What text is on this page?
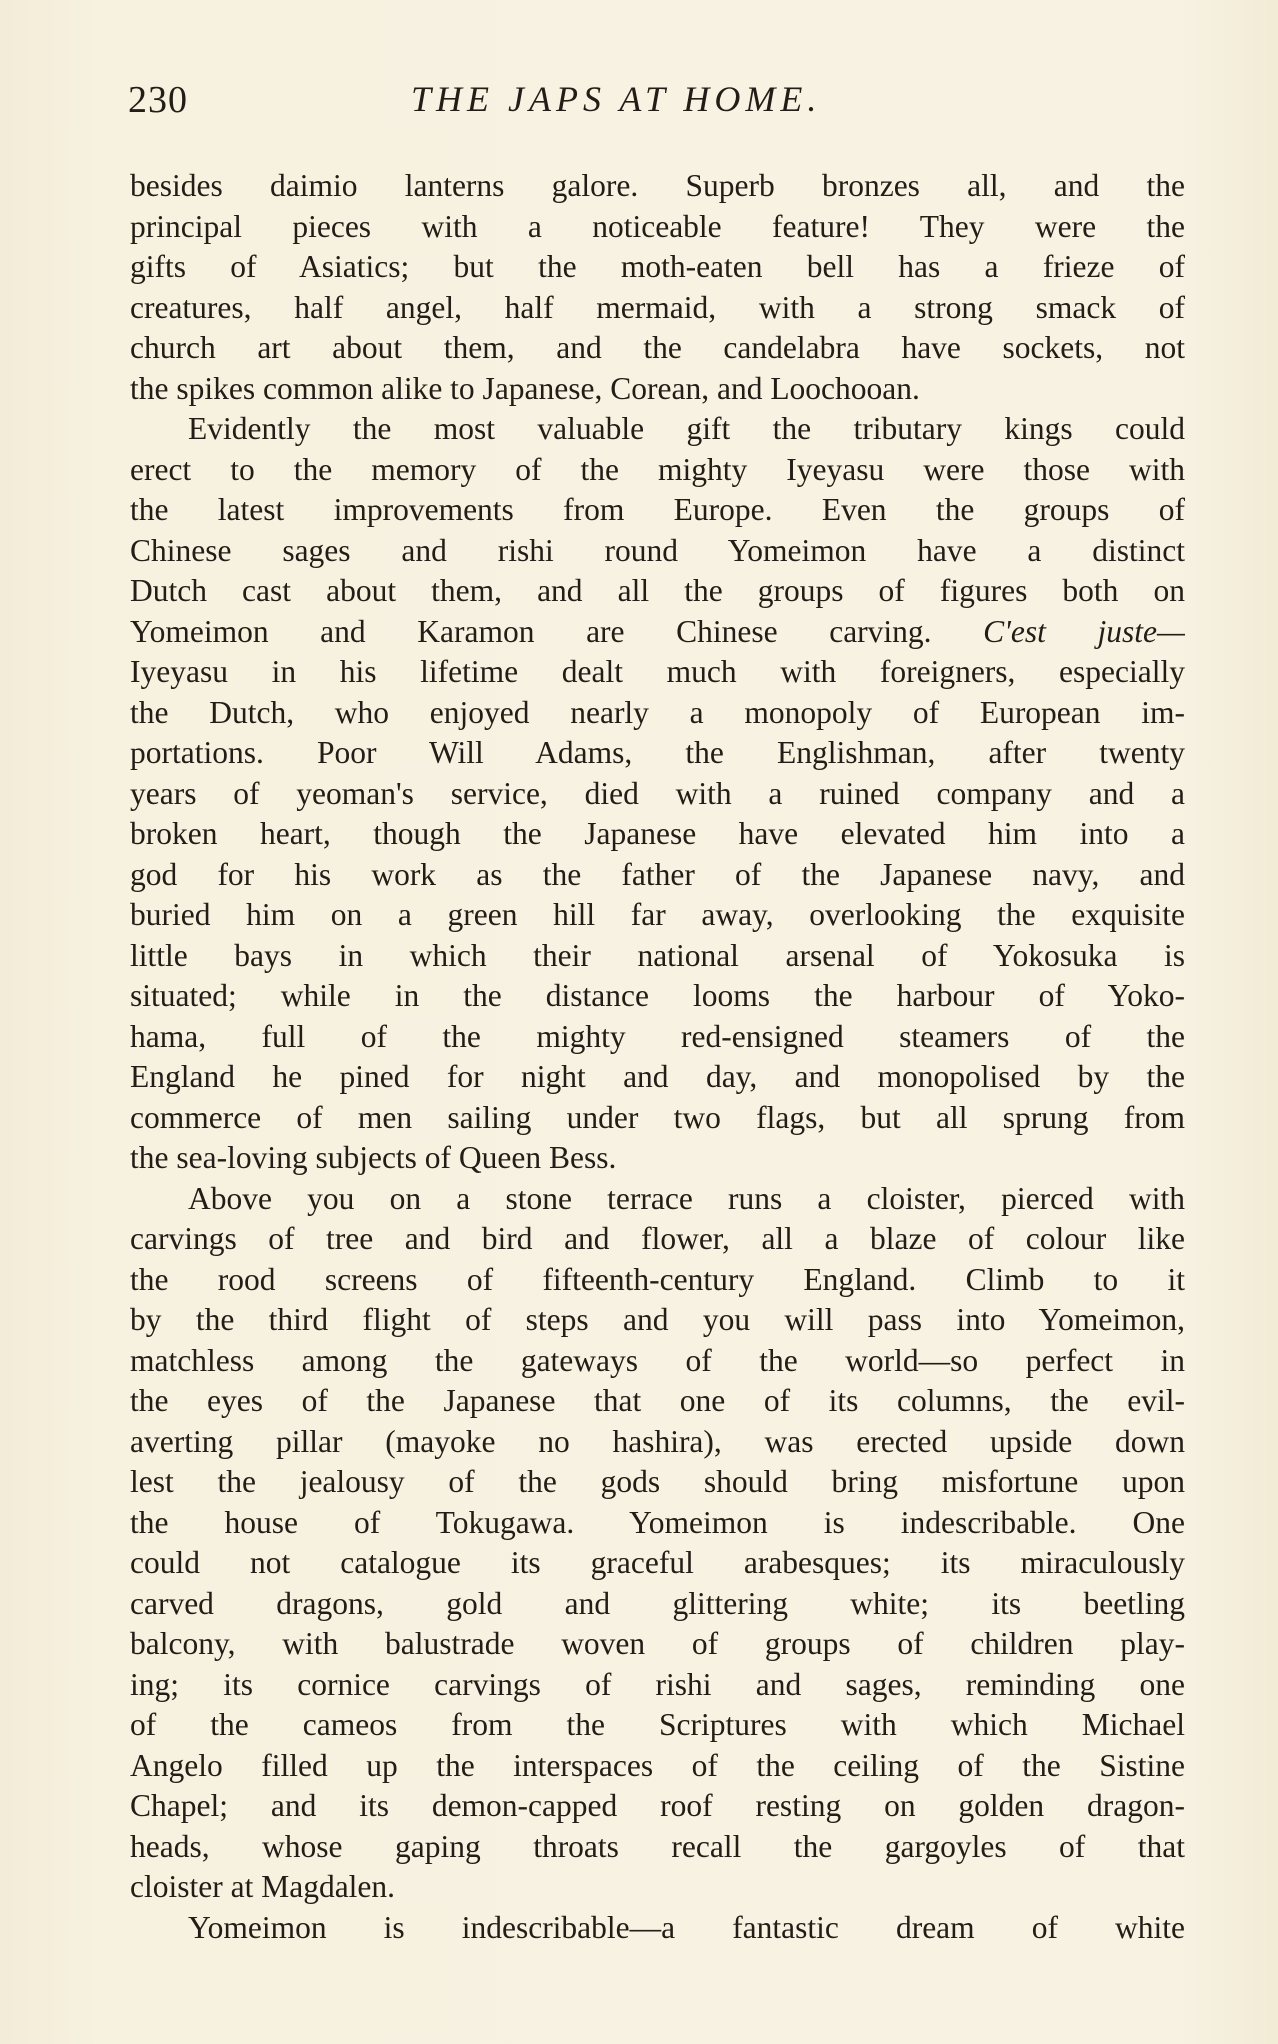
230	THE JAPS AT HOME.
besides daimio lanterns galore. Superb bronzes all, and the
principal pieces with a noticeable feature! They were the
gifts of Asiatics; but the moth-eaten bell has a frieze of
creatures, half angel, half mermaid, with a strong smack of
church art about them, and the candelabra have sockets, not
the spikes common alike to Japanese, Corean, and Loochooan.
Evidently the most valuable gift the tributary kings could
erect to the memory of the mighty Iyeyasu were those with
the latest improvements from Europe. Even the groups of
Chinese sages and rishi round Yomeimon have a distinct
Dutch cast about them, and all the groups of figures both on
Yomeimon and Karamon are Chinese carving. C'est juste—
Iyeyasu in his lifetime dealt much with foreigners, especially
the Dutch, who enjoyed nearly a monopoly of European im-
portations. Poor Will Adams, the Englishman, after twenty
years of yeoman's service, died with a ruined company and a
broken heart, though the Japanese have elevated him into a
god for his work as the father of the Japanese navy, and
buried him on a green hill far away, overlooking the exquisite
little bays in which their national arsenal of Yokosuka is
situated; while in the distance looms the harbour of Yoko-
hama, full of the mighty red-ensigned steamers of the
England he pined for night and day, and monopolised by the
commerce of men sailing under two flags, but all sprung from
the sea-loving subjects of Queen Bess.
Above you on a stone terrace runs a cloister, pierced with
carvings of tree and bird and flower, all a blaze of colour like
the rood screens of fifteenth-century England. Climb to it
by the third flight of steps and you will pass into Yomeimon,
matchless among the gateways of the world—so perfect in
the eyes of the Japanese that one of its columns, the evil-
averting pillar (mayoke no hashira), was erected upside down
lest the jealousy of the gods should bring misfortune upon
the house of Tokugawa. Yomeimon is indescribable. One
could not catalogue its graceful arabesques; its miraculously
carved dragons, gold and glittering white; its beetling
balcony, with balustrade woven of groups of children play-
ing; its cornice carvings of rishi and sages, reminding one
of the cameos from the Scriptures with which Michael
Angelo filled up the interspaces of the ceiling of the Sistine
Chapel; and its demon-capped roof resting on golden dragon-
heads, whose gaping throats recall the gargoyles of that
cloister at Magdalen.
Yomeimon is indescribable—a fantastic dream of white
